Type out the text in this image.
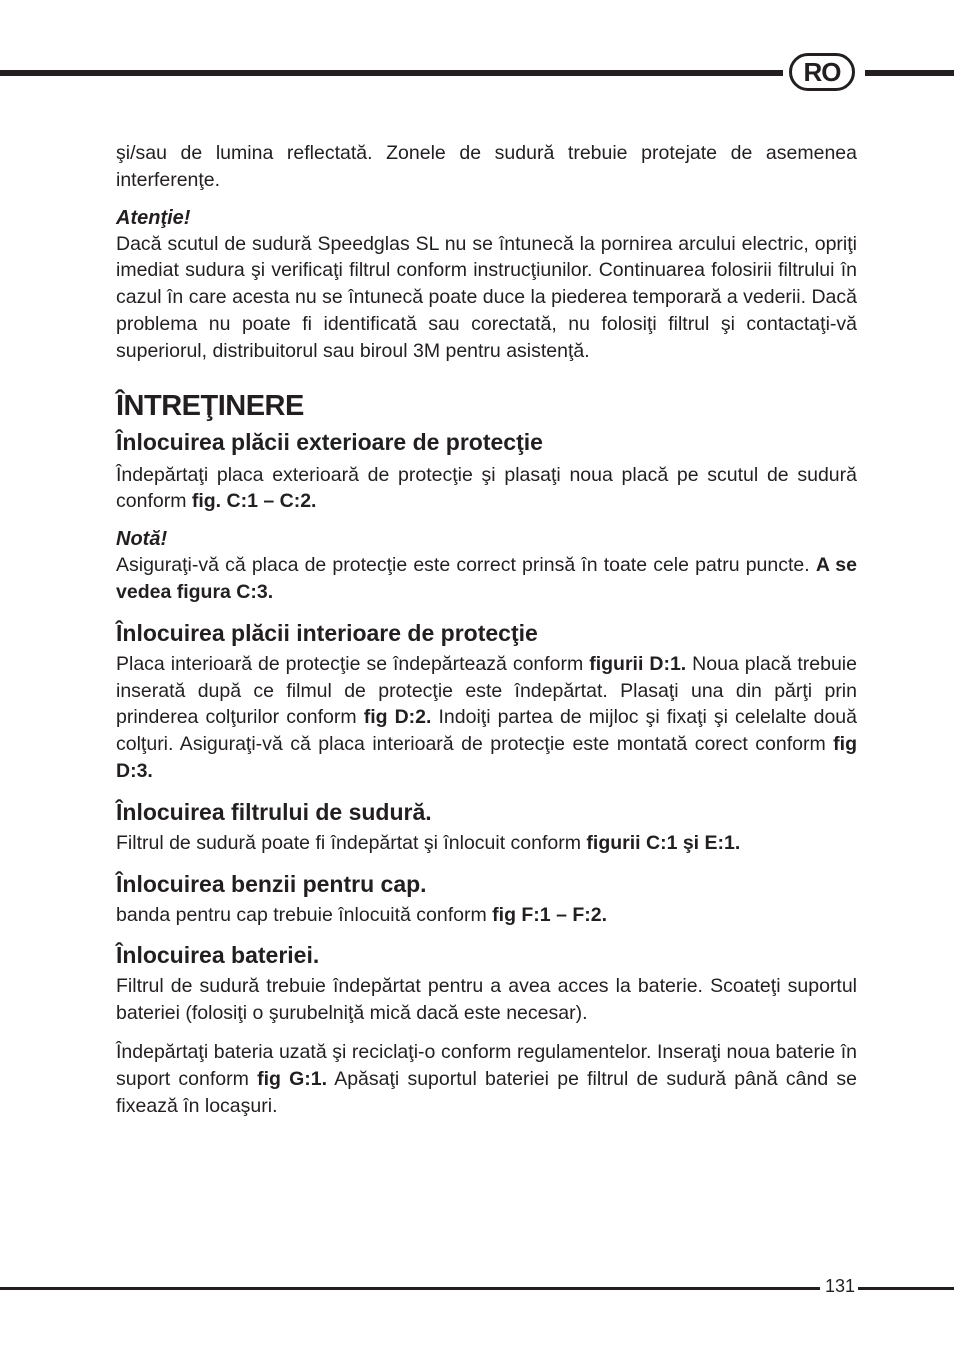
RO

şi/sau de lumina reflectată. Zonele de sudură trebuie protejate de asemenea interferenţe.

Atenţie!

Dacă scutul de sudură Speedglas SL nu se întunecă la pornirea arcului electric, opriţi imediat sudura şi verificaţi filtrul conform instrucţiunilor. Continuarea folosirii filtrului în cazul în care acesta nu se întunecă poate duce la piederea temporară a vederii. Dacă problema nu poate fi identificată sau corectată, nu folosiţi filtrul şi contactaţi-vă superiorul, distribuitorul sau biroul 3M pentru asistenţă.

ÎNTREŢINERE
Înlocuirea plăcii exterioare de protecţie

Îndepărtaţi placa exterioară de protecţie şi plasaţi noua placă pe scutul de sudură conform fig. C:1 – C:2.

Notă!

Asiguraţi-vă că placa de protecţie este correct prinsă în toate cele patru puncte. A se vedea figura C:3.

Înlocuirea plăcii interioare de protecţie

Placa interioară de protecţie se îndepărtează conform figurii D:1. Noua placă trebuie inserată după ce filmul de protecţie este îndepărtat. Plasaţi una din părţi prin prinderea colţurilor conform fig D:2. Indoiţi partea de mijloc şi fixaţi şi celelalte două colţuri. Asiguraţi-vă că placa interioară de protecţie este montată corect conform fig D:3.

Înlocuirea filtrului de sudură.

Filtrul de sudură poate fi îndepărtat şi înlocuit conform figurii C:1 şi E:1.

Înlocuirea benzii pentru cap.

banda pentru cap trebuie înlocuită conform fig F:1 – F:2.

Înlocuirea bateriei.

Filtrul de sudură trebuie îndepărtat pentru a avea acces la baterie. Scoateţi suportul bateriei (folosiţi o şurubelniţă mică dacă este necesar).

Îndepărtaţi bateria uzată şi reciclaţi-o conform regulamentelor. Inseraţi noua baterie în suport conform fig G:1. Apăsaţi suportul bateriei pe filtrul de sudură până când se fixează în locaşuri.

131
